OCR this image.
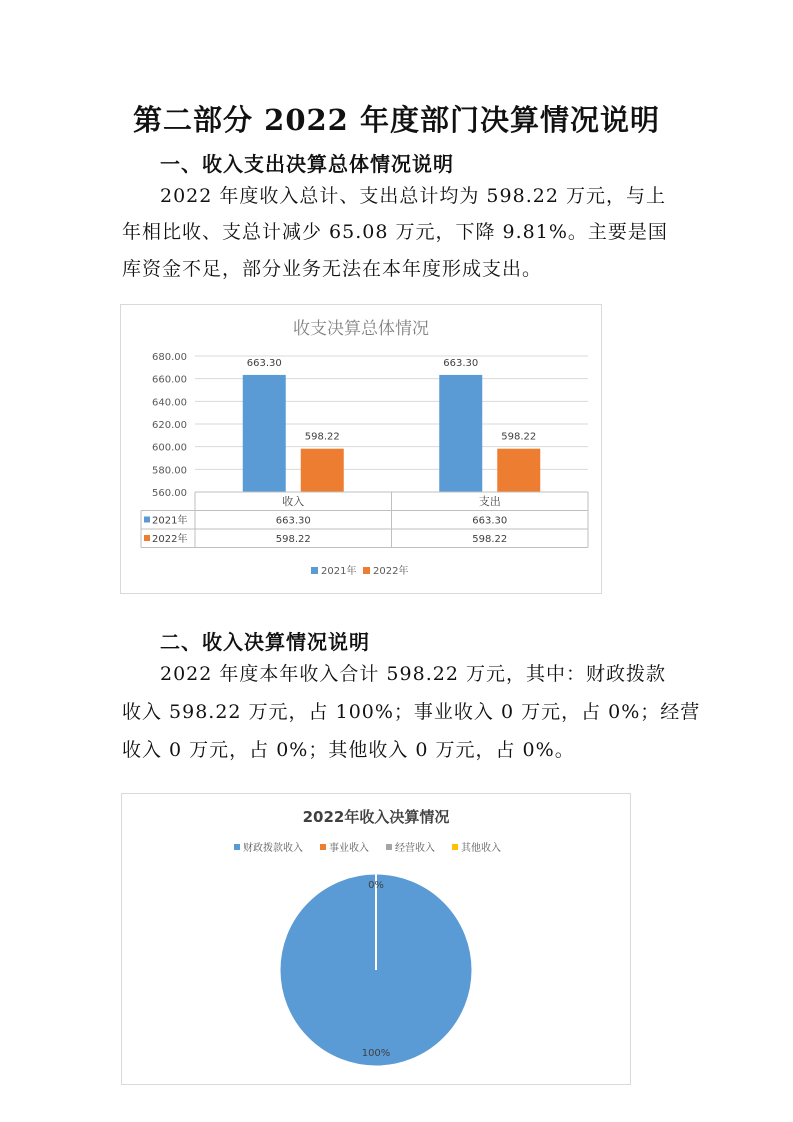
第二部分 2022 年度部门决算情况说明
一、收入支出决算总体情况说明
2022 年度收入总计、支出总计均为 598.22 万元，与上
年相比收、支总计减少 65.08 万元，下降 9.81%。主要是国
库资金不足，部分业务无法在本年度形成支出。
收支决算总体情况
560.00
580.00
600.00
620.00
640.00
660.00
680.00
663.30
598.22
663.30
598.22
收入	支出
2021年	663.30	663.30
2022年	598.22	598.22
2021年 2022年
二、收入决算情况说明
2022 年度本年收入合计 598.22 万元，其中：财政拨款
收入 598.22 万元，占 100%；事业收入 0 万元，占 0%；经营
收入 0 万元，占 0%；其他收入 0 万元，占 0%。
2022年收入决算情况
财政拨款收入	事业收入	经营收入	其他收入
100%
0%
